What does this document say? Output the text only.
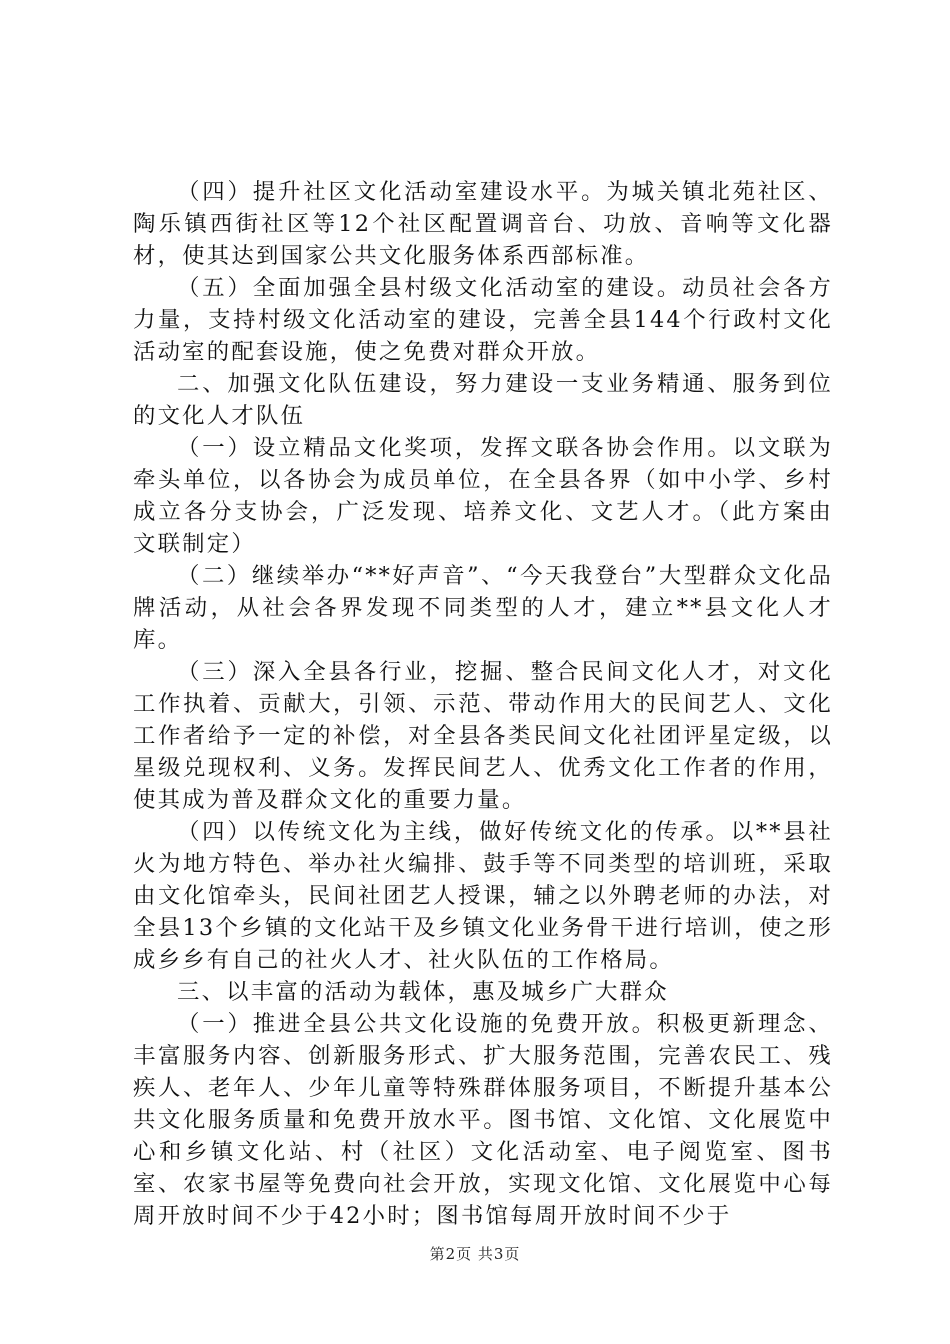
（四）提升社区文化活动室建设水平。为城关镇北苑社区、陶乐镇西街社区等12个社区配置调音台、功放、音响等文化器材，使其达到国家公共文化服务体系西部标准。

（五）全面加强全县村级文化活动室的建设。动员社会各方力量，支持村级文化活动室的建设，完善全县144个行政村文化活动室的配套设施，使之免费对群众开放。

二、加强文化队伍建设，努力建设一支业务精通、服务到位的文化人才队伍

（一）设立精品文化奖项，发挥文联各协会作用。以文联为牵头单位，以各协会为成员单位，在全县各界（如中小学、乡村成立各分支协会，广泛发现、培养文化、文艺人才。（此方案由文联制定）

（二）继续举办“**好声音”、“今天我登台”大型群众文化品牌活动，从社会各界发现不同类型的人才，建立**县文化人才库。

（三）深入全县各行业，挖掘、整合民间文化人才，对文化工作执着、贡献大，引领、示范、带动作用大的民间艺人、文化工作者给予一定的补偿，对全县各类民间文化社团评星定级，以星级兑现权利、义务。发挥民间艺人、优秀文化工作者的作用，使其成为普及群众文化的重要力量。

（四）以传统文化为主线，做好传统文化的传承。以**县社火为地方特色、举办社火编排、鼓手等不同类型的培训班，采取由文化馆牵头，民间社团艺人授课，辅之以外聘老师的办法，对全县13个乡镇的文化站干及乡镇文化业务骨干进行培训，使之形成乡乡有自己的社火人才、社火队伍的工作格局。

三、以丰富的活动为载体，惠及城乡广大群众

（一）推进全县公共文化设施的免费开放。积极更新理念、丰富服务内容、创新服务形式、扩大服务范围，完善农民工、残疾人、老年人、少年儿童等特殊群体服务项目，不断提升基本公共文化服务质量和免费开放水平。图书馆、文化馆、文化展览中心和乡镇文化站、村（社区）文化活动室、电子阅览室、图书室、农家书屋等免费向社会开放，实现文化馆、文化展览中心每周开放时间不少于42小时；图书馆每周开放时间不少于

第2页 共3页
